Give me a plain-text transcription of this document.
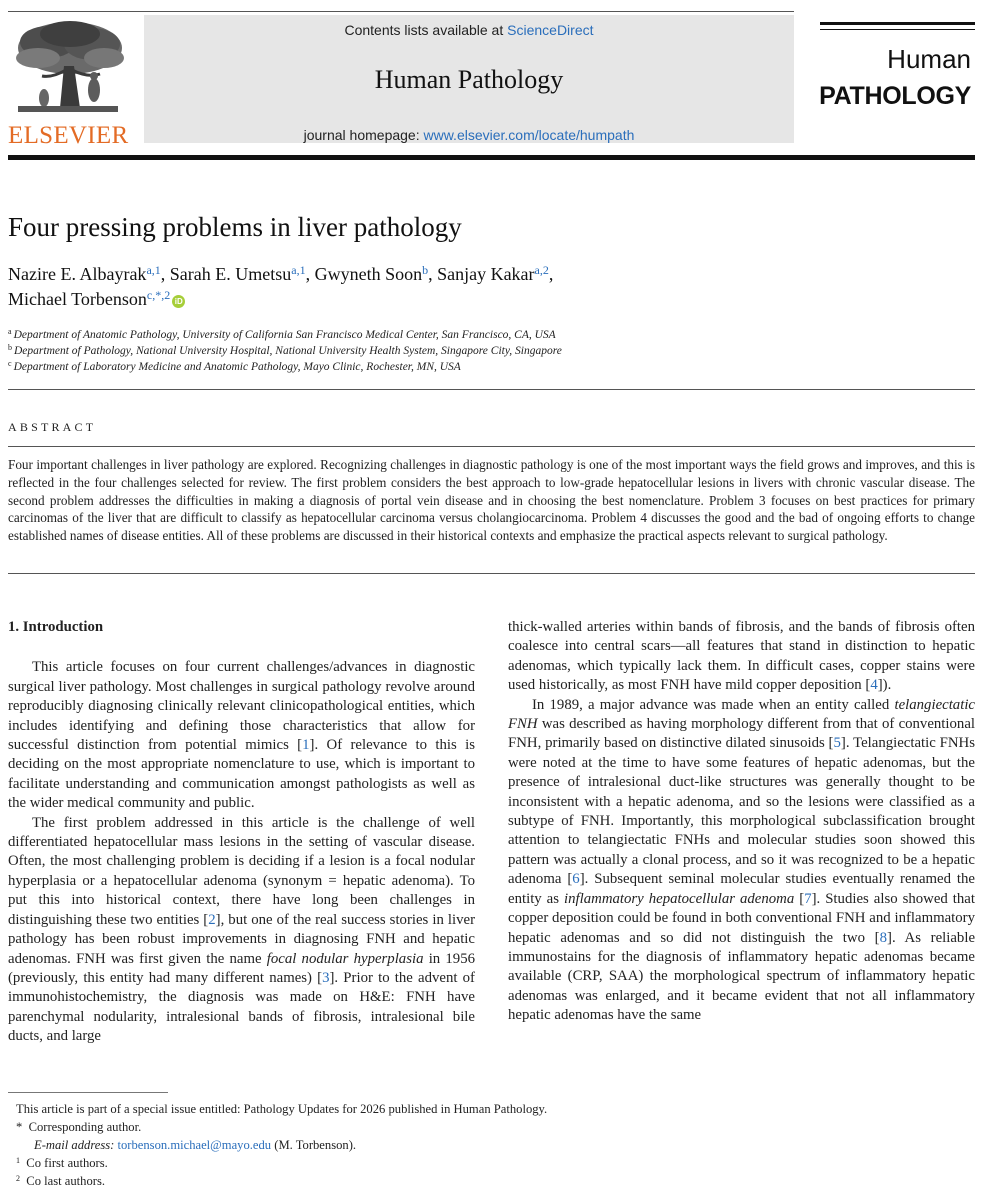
ELSEVIER
Contents lists available at ScienceDirect
Human Pathology
journal homepage: www.elsevier.com/locate/humpath
Human
PATHOLOGY
Four pressing problems in liver pathology
Nazire E. Albayrak$^{a,1}$, Sarah E. Umetsu$^{a,1}$, Gwyneth Soon$^b$, Sanjay Kakar$^{a,2}$,
Michael Torbenson$^{c,*,2}$ iD
$^a$ Department of Anatomic Pathology, University of California San Francisco Medical Center, San Francisco, CA, USA
$^b$ Department of Pathology, National University Hospital, National University Health System, Singapore City, Singapore
$^c$ Department of Laboratory Medicine and Anatomic Pathology, Mayo Clinic, Rochester, MN, USA
ABSTRACT

Four important challenges in liver pathology are explored. Recognizing challenges in diagnostic pathology is one of the most important ways the field grows and improves, and this is reflected in the four challenges selected for review. The first problem considers the best approach to low-grade hepatocellular lesions in livers with chronic vascular disease. The second problem addresses the difficulties in making a diagnosis of portal vein disease and in choosing the best nomenclature. Problem 3 focuses on best practices for primary carcinomas of the liver that are difficult to classify as hepatocellular carcinoma versus cholangiocarcinoma. Problem 4 discusses the good and the bad of ongoing efforts to change established names of disease entities. All of these problems are discussed in their historical contexts and emphasize the practical aspects relevant to surgical pathology.

1. Introduction

This article focuses on four current challenges/advances in diagnostic surgical liver pathology. Most challenges in surgical pathology revolve around reproducibly diagnosing clinically relevant clinicopathological entities, which includes identifying and defining those characteristics that allow for successful distinction from potential mimics [1]. Of relevance to this is deciding on the most appropriate nomenclature to use, which is important to facilitate understanding and communication amongst pathologists as well as the wider medical community and public.

The first problem addressed in this article is the challenge of well differentiated hepatocellular mass lesions in the setting of vascular disease. Often, the most challenging problem is deciding if a lesion is a focal nodular hyperplasia or a hepatocellular adenoma (synonym = hepatic adenoma). To put this into historical context, there have long been challenges in distinguishing these two entities [2], but one of the real success stories in liver pathology has been robust improvements in diagnosing FNH and hepatic adenomas. FNH was first given the name focal nodular hyperplasia in 1956 (previously, this entity had many different names) [3]. Prior to the advent of immunohistochemistry, the diagnosis was made on H&E: FNH have parenchymal nodularity, intralesional bands of fibrosis, intralesional bile ducts, and large

thick-walled arteries within bands of fibrosis, and the bands of fibrosis often coalesce into central scars—all features that stand in distinction to hepatic adenomas, which typically lack them. In difficult cases, copper stains were used historically, as most FNH have mild copper deposition [4]).

In 1989, a major advance was made when an entity called telangiectatic FNH was described as having morphology different from that of conventional FNH, primarily based on distinctive dilated sinusoids [5]. Telangiectatic FNHs were noted at the time to have some features of hepatic adenomas, but the presence of intralesional duct-like structures was generally thought to be inconsistent with a hepatic adenoma, and so the lesions were classified as a subtype of FNH. Importantly, this morphological subclassification brought attention to telangiectatic FNHs and molecular studies soon showed this pattern was actually a clonal process, and so it was recognized to be a hepatic adenoma [6]. Subsequent seminal molecular studies eventually renamed the entity as inflammatory hepatocellular adenoma [7]. Studies also showed that copper deposition could be found in both conventional FNH and inflammatory hepatic adenomas and so did not distinguish the two [8]. As reliable immunostains for the diagnosis of inflammatory hepatic adenomas became available (CRP, SAA) the morphological spectrum of inflammatory hepatic adenomas was enlarged, and it became evident that not all inflammatory hepatic adenomas have the same

This article is part of a special issue entitled: Pathology Updates for 2026 published in Human Pathology.
* Corresponding author.
E-mail address: torbenson.michael@mayo.edu (M. Torbenson).
$^1$ Co first authors.
$^2$ Co last authors.
